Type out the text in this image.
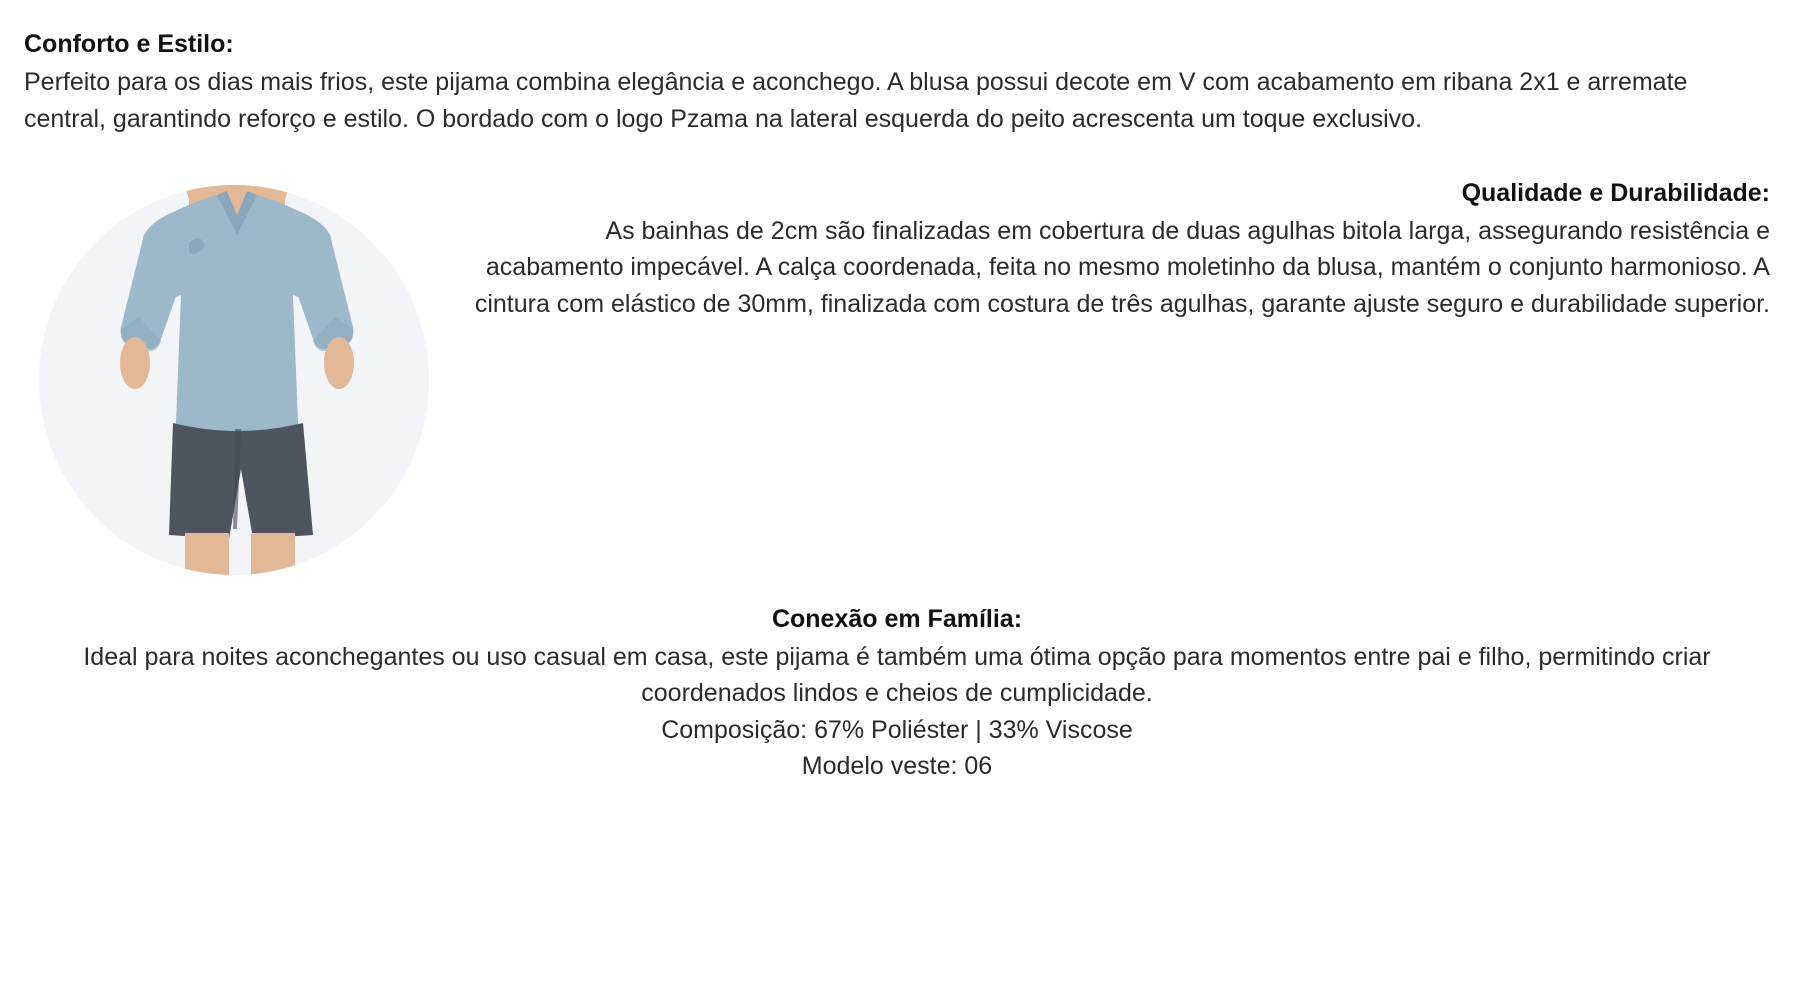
Conforto e Estilo:

Perfeito para os dias mais frios, este pijama combina elegância e aconchego. A blusa possui decote em V com acabamento em ribana 2x1 e arremate central, garantindo reforço e estilo. O bordado com o logo Pzama na lateral esquerda do peito acrescenta um toque exclusivo.

Qualidade e Durabilidade:

As bainhas de 2cm são finalizadas em cobertura de duas agulhas bitola larga, assegurando resistência e acabamento impecável. A calça coordenada, feita no mesmo moletinho da blusa, mantém o conjunto harmonioso. A cintura com elástico de 30mm, finalizada com costura de três agulhas, garante ajuste seguro e durabilidade superior.

Conexão em Família:

Ideal para noites aconchegantes ou uso casual em casa, este pijama é também uma ótima opção para momentos entre pai e filho, permitindo criar coordenados lindos e cheios de cumplicidade.

Composição: 67% Poliéster | 33% Viscose

Modelo veste: 06
